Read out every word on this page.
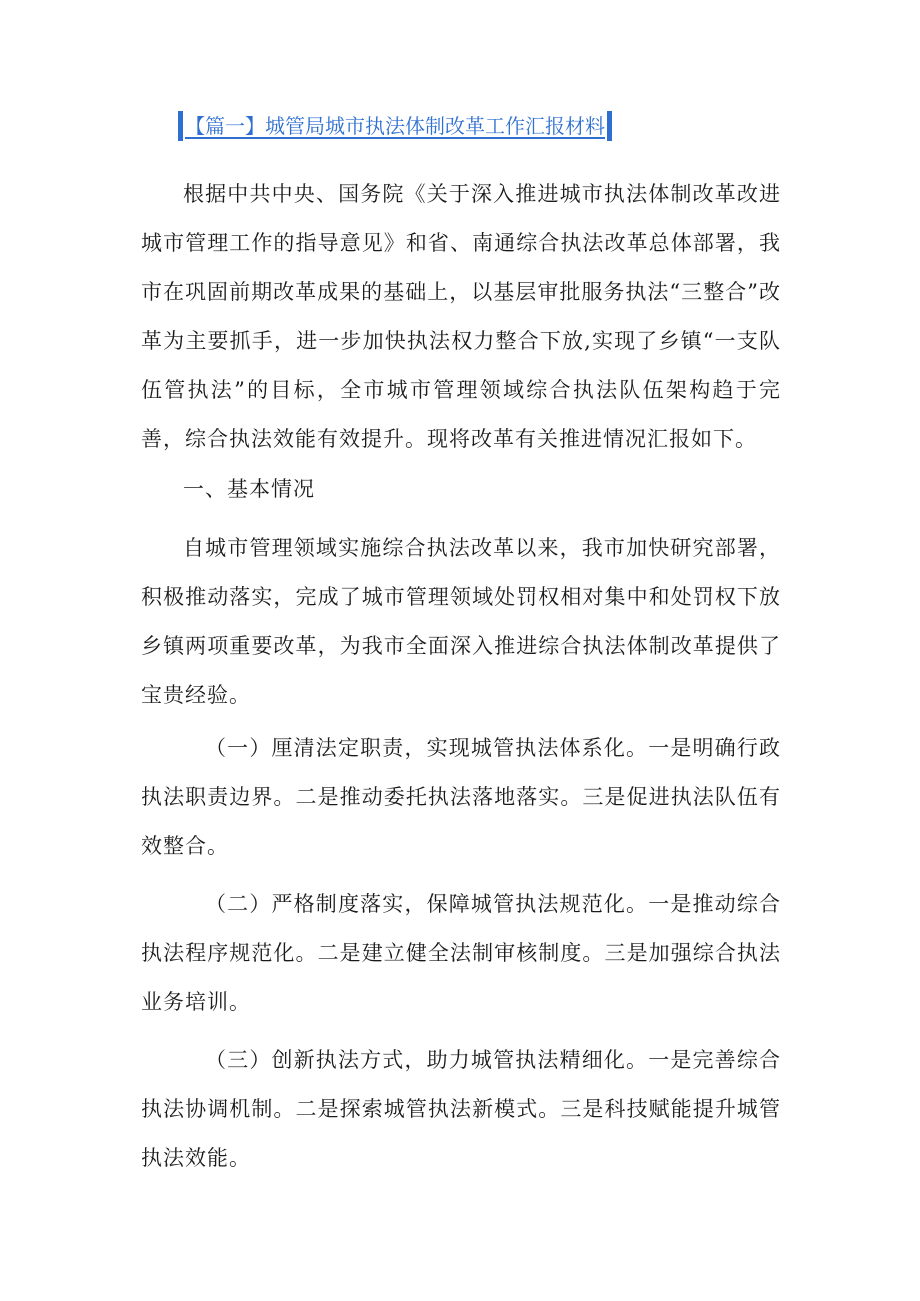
【篇一】城管局城市执法体制改革工作汇报材料

根据中共中央、国务院《关于深入推进城市执法体制改革改进城市管理工作的指导意见》和省、南通综合执法改革总体部署，我市在巩固前期改革成果的基础上，以基层审批服务执法“三整合”改革为主要抓手，进一步加快执法权力整合下放,实现了乡镇“一支队伍管执法”的目标，全市城市管理领域综合执法队伍架构趋于完善，综合执法效能有效提升。现将改革有关推进情况汇报如下。

一、基本情况

自城市管理领域实施综合执法改革以来，我市加快研究部署，积极推动落实，完成了城市管理领域处罚权相对集中和处罚权下放乡镇两项重要改革，为我市全面深入推进综合执法体制改革提供了宝贵经验。

（一）厘清法定职责，实现城管执法体系化。一是明确行政执法职责边界。二是推动委托执法落地落实。三是促进执法队伍有效整合。

（二）严格制度落实，保障城管执法规范化。一是推动综合执法程序规范化。二是建立健全法制审核制度。三是加强综合执法业务培训。

（三）创新执法方式，助力城管执法精细化。一是完善综合执法协调机制。二是探索城管执法新模式。三是科技赋能提升城管执法效能。
